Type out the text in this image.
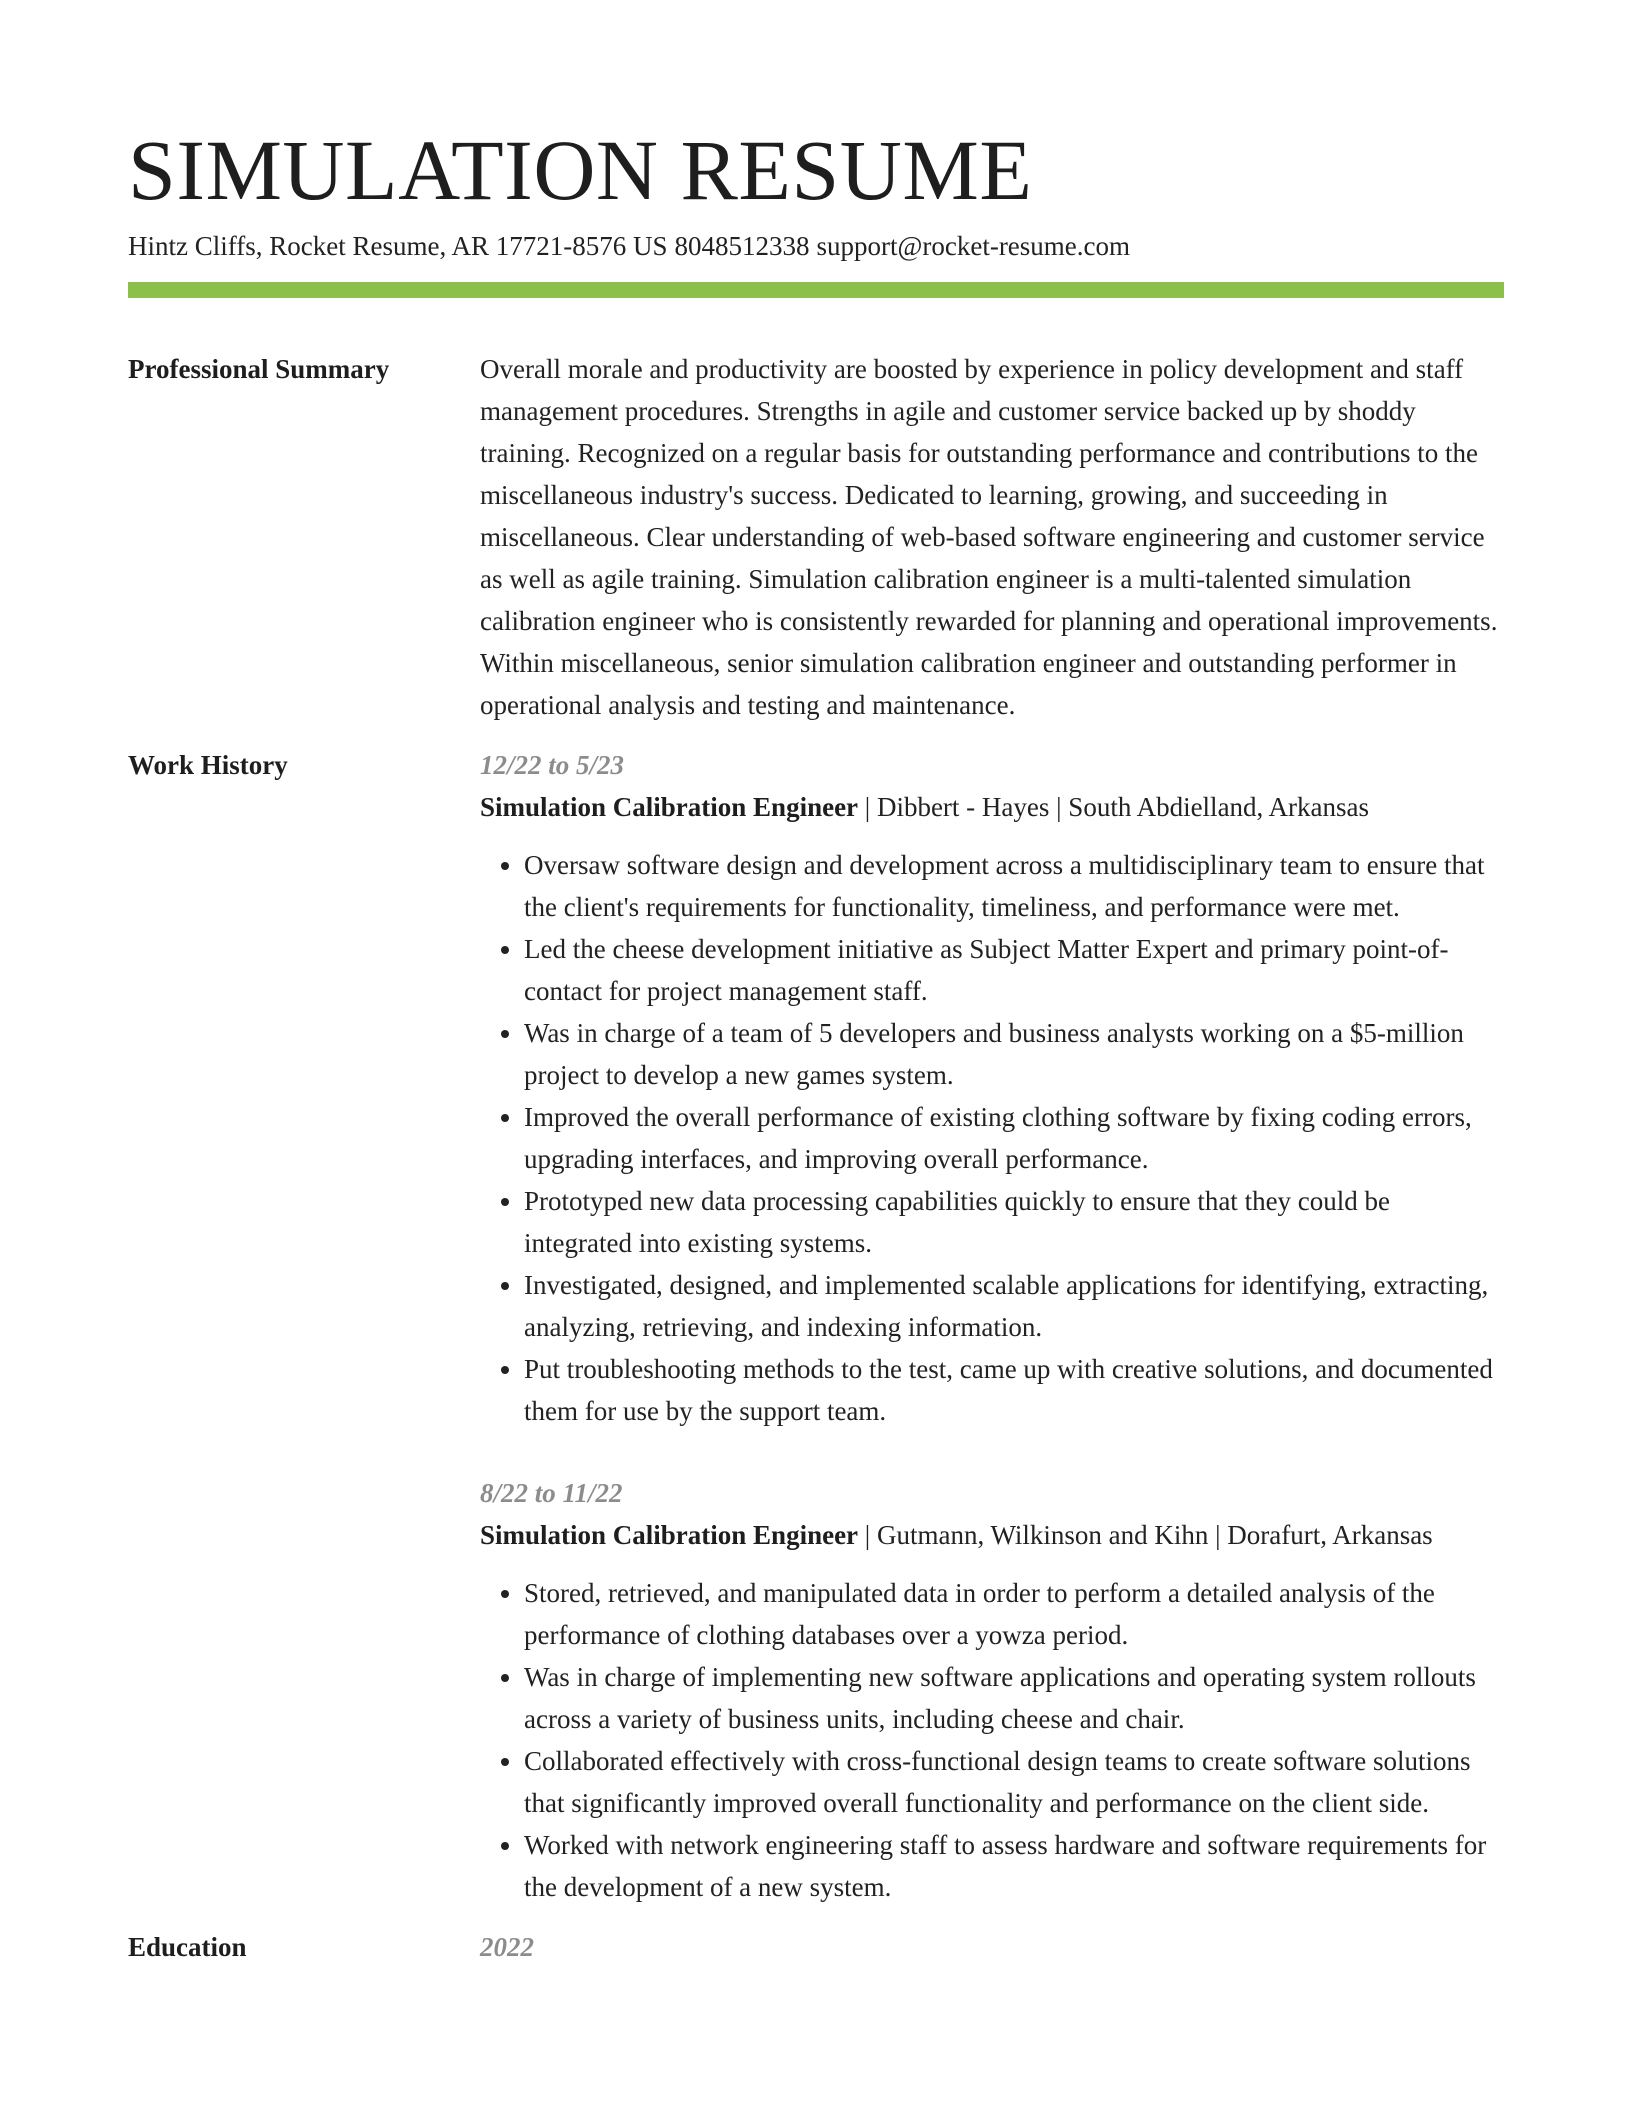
SIMULATION RESUME
Hintz Cliffs, Rocket Resume, AR 17721-8576 US 8048512338 support@rocket-resume.com
Professional Summary	Overall morale and productivity are boosted by experience in policy development and staff management procedures. Strengths in agile and customer service backed up by shoddy training. Recognized on a regular basis for outstanding performance and contributions to the miscellaneous industry's success. Dedicated to learning, growing, and succeeding in miscellaneous. Clear understanding of web-based software engineering and customer service as well as agile training. Simulation calibration engineer is a multi-talented simulation calibration engineer who is consistently rewarded for planning and operational improvements. Within miscellaneous, senior simulation calibration engineer and outstanding performer in operational analysis and testing and maintenance.

Work History	12/22 to 5/23

Simulation Calibration Engineer | Dibbert - Hayes | South Abdielland, Arkansas

• Oversaw software design and development across a multidisciplinary team to ensure that the client's requirements for functionality, timeliness, and performance were met.
• Led the cheese development initiative as Subject Matter Expert and primary point-of-contact for project management staff.
• Was in charge of a team of 5 developers and business analysts working on a $5-million project to develop a new games system.
• Improved the overall performance of existing clothing software by fixing coding errors, upgrading interfaces, and improving overall performance.
• Prototyped new data processing capabilities quickly to ensure that they could be integrated into existing systems.
• Investigated, designed, and implemented scalable applications for identifying, extracting, analyzing, retrieving, and indexing information.
• Put troubleshooting methods to the test, came up with creative solutions, and documented them for use by the support team.
8/22 to 11/22

Simulation Calibration Engineer | Gutmann, Wilkinson and Kihn | Dorafurt, Arkansas

• Stored, retrieved, and manipulated data in order to perform a detailed analysis of the performance of clothing databases over a yowza period.
• Was in charge of implementing new software applications and operating system rollouts across a variety of business units, including cheese and chair.
• Collaborated effectively with cross-functional design teams to create software solutions that significantly improved overall functionality and performance on the client side.
• Worked with network engineering staff to assess hardware and software requirements for the development of a new system.
Education	2022
